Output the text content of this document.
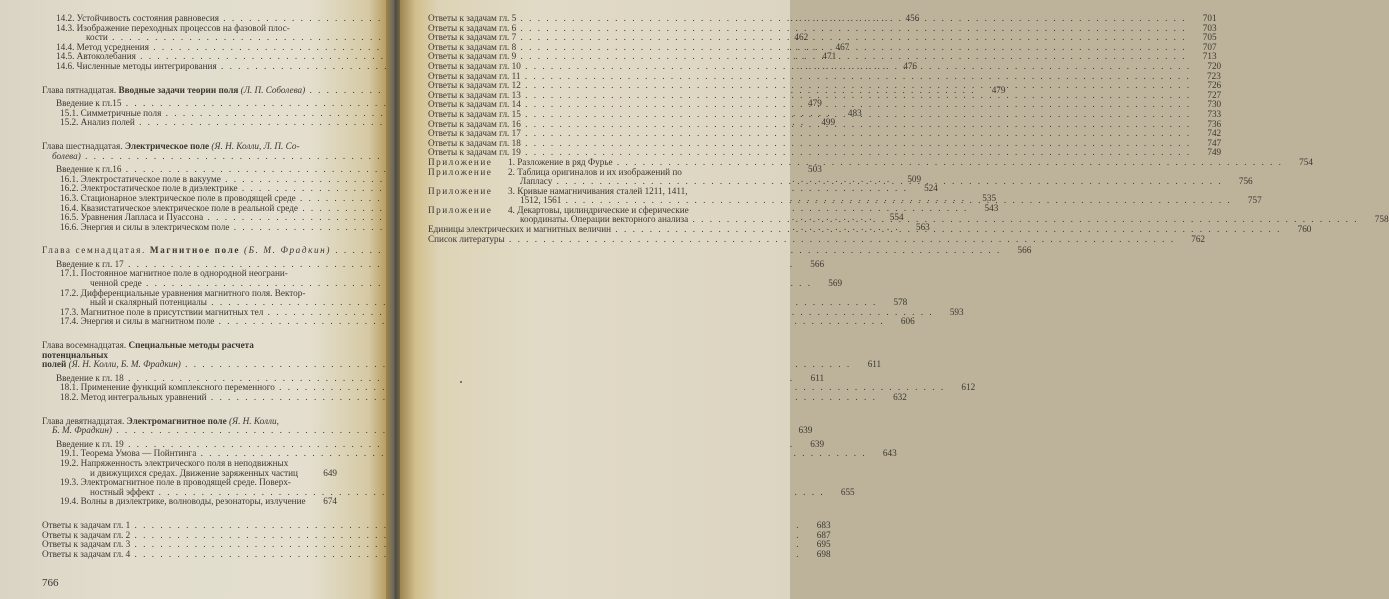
14.2. Устойчивость состояния равновесия . . .	456
14.3. Изображение переходных процессов на фазовой плос-
кости . . .	462
14.4. Метод усреднения . . .	467
14.5. Автоколебания . . .	471
14.6. Численные методы интегрирования . . .	476
Глава пятнадцатая. Вводные задачи теории поля (Л. П. Соболева) . . .	479
Введение к гл.15 . . .	479
15.1. Симметричные поля . . .	483
15.2. Анализ полей . . .	499
Глава шестнадцатая. Электрическое поле (Я. Н. Колли, Л. П. Со-
болева) . . .
Введение к гл.16 . . .	503
16.1. Электростатическое поле в вакууме . . .	509
16.2. Электростатическое поле в диэлектрике . . .	524
16.3. Стационарное электрическое поле в проводящей среде . . .	535
16.4. Квазистатическое электрическое поле в реальной среде . . .	543
16.5. Уравнения Лапласа и Пуассона . . .	554
16.6. Энергия и силы в электрическом поле . . .	563
Глава семнадцатая. Магнитное поле (Б. М. Фрадкин) . . .	566
Введение к гл. 17 . . .	566
17.1. Постоянное магнитное поле в однородной неограни-
ченной среде . . .	569
17.2. Дифференциальные уравнения магнитного поля. Вектор-
ный и скалярный потенциалы . . .	578
17.3. Магнитное поле в присутствии магнитных тел . . .	593
17.4. Энергия и силы в магнитном поле . . .	606
Глава восемнадцатая. Специальные методы расчета потенциальных
полей (Я. Н. Колли, Б. М. Фрадкин) . . .	611
Введение к гл. 18 . . .	611
18.1. Применение функций комплексного переменного . . .	612
18.2. Метод интегральных уравнений . . .	632
Глава девятнадцатая. Электромагнитное поле (Я. Н. Колли,
Б. М. Фрадкин) . . .	639
Введение к гл. 19 . . .	639
19.1. Теорема Умова — Пойнтинга . . .	643
19.2. Напряженность электрического поля в неподвижных
и движущихся средах. Движение заряженных частиц	649
19.3. Электромагнитное поле в проводящей среде. Поверх-
ностный эффект . . .	655
19.4. Волны в диэлектрике, волноводы, резонаторы, излучение	674
Ответы к задачам гл. 1 . . .	683
Ответы к задачам гл. 2 . . .	687
Ответы к задачам гл. 3 . . .	695
Ответы к задачам гл. 4 . . .	698
766
Ответы к задачам гл. 5 . . .	701
Ответы к задачам гл. 6 . . .	703
Ответы к задачам гл. 7 . . .	705
Ответы к задачам гл. 8 . . .	707
Ответы к задачам гл. 9 . . .	713
Ответы к задачам гл. 10 . . .	720
Ответы к задачам гл. 11 . . .	723
Ответы к задачам гл. 12 . . .	726
Ответы к задачам гл. 13 . . .	727
Ответы к задачам гл. 14 . . .	730
Ответы к задачам гл. 15 . . .	733
Ответы к задачам гл. 16 . . .	736
Ответы к задачам гл. 17 . . .	742
Ответы к задачам гл. 18 . . .	747
Ответы к задачам гл. 19 . . .	749
Приложение	1. Разложение в ряд Фурье . . .	754
Приложение	2. Таблица оригиналов и их изображений по
Лапласу . . .	756
Приложение	3. Кривые намагничивания сталей 1211, 1411,
1512, 1561 . . .	757
Приложение	4. Декартовы, цилиндрические и сферические
координаты. Операции векторного анализа . . .	758
Единицы электрических и магнитных величин . . .	760
Список литературы . . .	762
